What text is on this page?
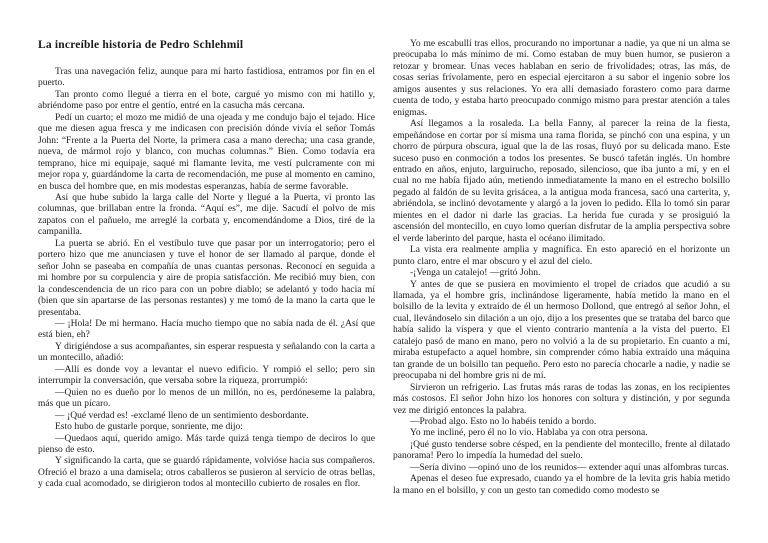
La increíble historia de Pedro Schlehmil

Tras una navegación feliz, aunque para mí harto fastidiosa, entramos por fin en el puerto.

Tan pronto como llegué a tierra en el bote, cargué yo mismo con mi hatillo y, abriéndome paso por entre el gentío, entré en la casucha más cercana.

Pedí un cuarto; el mozo me midió de una ojeada y me condujo bajo el tejado. Hice que me diesen agua fresca y me indicasen con precisión dónde vivía el señor Tomás John: “Frente a la Puerta del Norte, la primera casa a mano derecha; una casa grande, nueva, de mármol rojo y blanco, con muchas columnas.” Bien. Como todavía era temprano, hice mi equipaje, saqué mi flamante levita, me vestí pulcramente con mi mejor ropa y, guardándome la carta de recomendación, me puse al momento en camino, en busca del hombre que, en mis modestas esperanzas, había de serme favorable.

Así que hube subido la larga calle del Norte y llegué a la Puerta, vi pronto las columnas, que brillaban entre la fronda. “Aquí es”, me dije. Sacudí el polvo de mis zapatos con el pañuelo, me arreglé la corbata y, encomendándome a Dios, tiré de la campanilla.

La puerta se abrió. En el vestíbulo tuve que pasar por un interrogatorio; pero el portero hizo que me anunciasen y tuve el honor de ser llamado al parque, donde el señor John se paseaba en compañía de unas cuantas personas. Reconocí en seguida a mi hombre por su corpulencia y aire de propia satisfacción. Me recibió muy bien, con la condescendencia de un rico para con un pobre diablo; se adelantó y todo hacia mí (bien que sin apartarse de las personas restantes) y me tomó de la mano la carta que le presentaba.

— ¡Hola! De mi hermano. Hacía mucho tiempo que no sabía nada de él. ¿Así que está bien, eh?

Y dirigiéndose a sus acompañantes, sin esperar respuesta y señalando con la carta a un montecillo, añadió:

—Allí es donde voy a levantar el nuevo edificio. Y rompió el sello; pero sin interrumpir la conversación, que versaba sobre la riqueza, prorrumpió:

—Quien no es dueño por lo menos de un millón, no es, perdóneseme la palabra, más que un pícaro.

— ¡Qué verdad es! -exclamé lleno de un sentimiento desbordante.

Esto hubo de gustarle porque, sonriente, me dijo:

—Quedaos aquí, querido amigo. Más tarde quizá tenga tiempo de deciros lo que pienso de esto.

Y significando la carta, que se guardó rápidamente, volvióse hacia sus compañeros. Ofreció el brazo a una damisela; otros caballeros se pusieron al servicio de otras bellas, y cada cual acomodado, se dirigieron todos al montecillo cubierto de rosales en flor.

Yo me escabullí tras ellos, procurando no importunar a nadie, ya que ni un alma se preocupaba lo más mínimo de mí. Como estaban de muy buen humor, se pusieron a retozar y bromear. Unas veces hablaban en serio de frivolidades; otras, las más, de cosas serias frívolamente, pero en especial ejercitaron a su sabor el ingenio sobre los amigos ausentes y sus relaciones. Yo era allí demasiado forastero como para darme cuenta de todo, y estaba harto preocupado conmigo mismo para prestar atención a tales enigmas.

Así llegamos a la rosaleda. La bella Fanny, al parecer la reina de la fiesta, empeñándose en cortar por sí misma una rama florida, se pinchó con una espina, y un chorro de púrpura obscura, igual que la de las rosas, fluyó por su delicada mano. Este suceso puso en conmoción a todos los presentes. Se buscó tafetán inglés. Un hombre entrado en años, enjuto, larguirucho, reposado, silencioso, que iba junto a mí, y en el cual no me había fijado aún, metiendo inmediatamente la mano en el estrecho bolsillo pegado al faldón de su levita grisácea, a la antigua moda francesa, sacó una carterita, y, abriéndola, se inclinó devotamente y alargó a la joven lo pedido. Ella lo tomó sin parar mientes en el dador ni darle las gracias. La herida fue curada y se prosiguió la ascensión del montecillo, en cuyo lomo querían disfrutar de la amplia perspectiva sobre el verde laberinto del parque, hasta el océano ilimitado.

La vista era realmente amplia y magnífica. En esto apareció en el horizonte un punto claro, entre el mar obscuro y el azul del cielo.

-¡Venga un catalejo! —gritó John.

Y antes de que se pusiera en movimiento el tropel de criados que acudió a su llamada, ya el hombre gris, inclinándose ligeramente, había metido la mano en el bolsillo de la levita y extraído de él un hermoso Dollond, que entregó al señor John, el cual, llevándoselo sin dilación a un ojo, dijo a los presentes que se trataba del barco que había salido la víspera y que el viento contrario mantenía a la vista del puerto. El catalejo pasó de mano en mano, pero no volvió a la de su propietario. En cuanto a mí, miraba estupefacto a aquel hombre, sin comprender cómo había extraído una máquina tan grande de un bolsillo tan pequeño. Pero esto no parecía chocarle a nadie, y nadie se preocupaba ni del hombre gris ni de mí.

Sirvieron un refrigerio. Las frutas más raras de todas las zonas, en los recipientes más costosos. El señor John hizo los honores con soltura y distinción, y por segunda vez me dirigió entonces la palabra.

—Probad algo. Esto no lo habéis tenido a bordo.

Yo me incliné, pero él no lo vio. Hablaba ya con otra persona.

¡Qué gusto tenderse sobre césped, en la pendiente del montecillo, frente al dilatado panorama! Pero lo impedía la humedad del suelo.

—Sería divino —opinó uno de los reunidos— extender aquí unas alfombras turcas.

Apenas el deseo fue expresado, cuando ya el hombre de la levita gris había metido la mano en el bolsillo, y con un gesto tan comedido como modesto se
